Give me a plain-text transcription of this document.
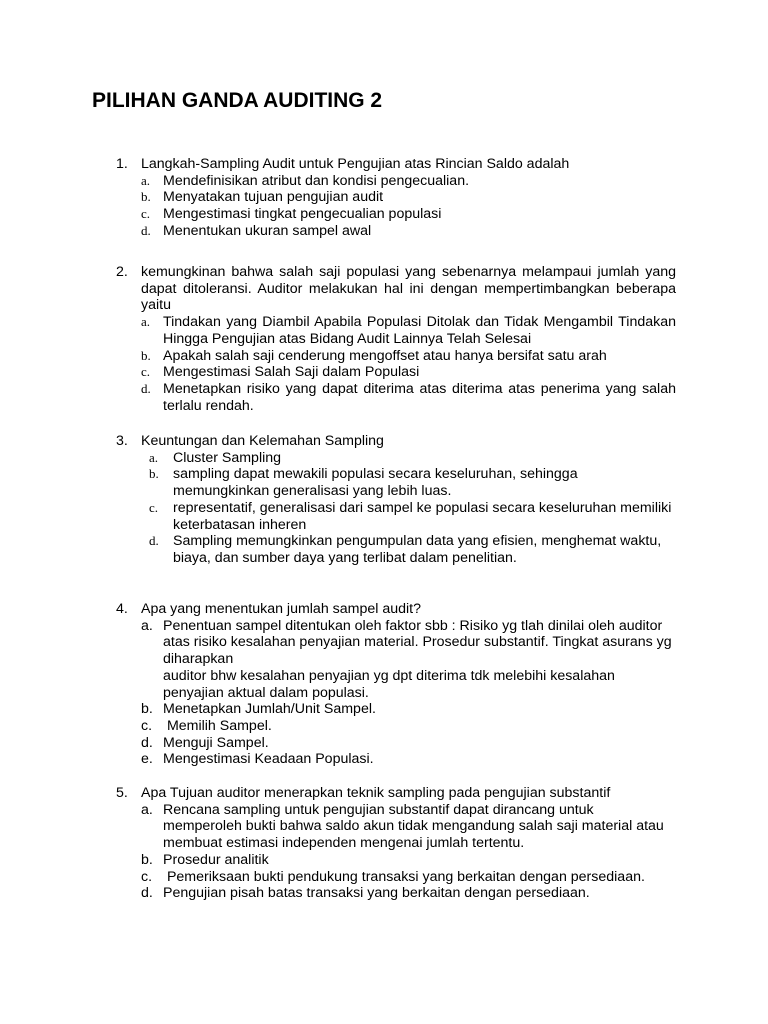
PILIHAN GANDA AUDITING 2
1. Langkah-Sampling Audit untuk Pengujian atas Rincian Saldo adalah
a. Mendefinisikan atribut dan kondisi pengecualian.
b. Menyatakan tujuan pengujian audit
c. Mengestimasi tingkat pengecualian populasi
d. Menentukan ukuran sampel awal
2. kemungkinan bahwa salah saji populasi yang sebenarnya melampaui jumlah yang dapat ditoleransi. Auditor melakukan hal ini dengan mempertimbangkan beberapa yaitu
a. Tindakan yang Diambil Apabila Populasi Ditolak dan Tidak Mengambil Tindakan Hingga Pengujian atas Bidang Audit Lainnya Telah Selesai
b. Apakah salah saji cenderung mengoffset atau hanya bersifat satu arah
c. Mengestimasi Salah Saji dalam Populasi
d. Menetapkan risiko yang dapat diterima atas diterima atas penerima yang salah terlalu rendah.
3. Keuntungan dan Kelemahan Sampling
a. Cluster Sampling
b. sampling dapat mewakili populasi secara keseluruhan, sehingga memungkinkan generalisasi yang lebih luas.
c. representatif, generalisasi dari sampel ke populasi secara keseluruhan memiliki keterbatasan inheren
d. Sampling memungkinkan pengumpulan data yang efisien, menghemat waktu, biaya, dan sumber daya yang terlibat dalam penelitian.
4. Apa yang menentukan jumlah sampel audit?
a. Penentuan sampel ditentukan oleh faktor sbb : Risiko yg tlah dinilai oleh auditor atas risiko kesalahan penyajian material. Prosedur substantif. Tingkat asurans yg diharapkan
auditor bhw kesalahan penyajian yg dpt diterima tdk melebihi kesalahan penyajian aktual dalam populasi.
b. Menetapkan Jumlah/Unit Sampel.
c. Memilih Sampel.
d. Menguji Sampel.
e. Mengestimasi Keadaan Populasi.
5. Apa Tujuan auditor menerapkan teknik sampling pada pengujian substantif
a. Rencana sampling untuk pengujian substantif dapat dirancang untuk memperoleh bukti bahwa saldo akun tidak mengandung salah saji material atau membuat estimasi independen mengenai jumlah tertentu.
b. Prosedur analitik
c. Pemeriksaan bukti pendukung transaksi yang berkaitan dengan persediaan.
d. Pengujian pisah batas transaksi yang berkaitan dengan persediaan.
